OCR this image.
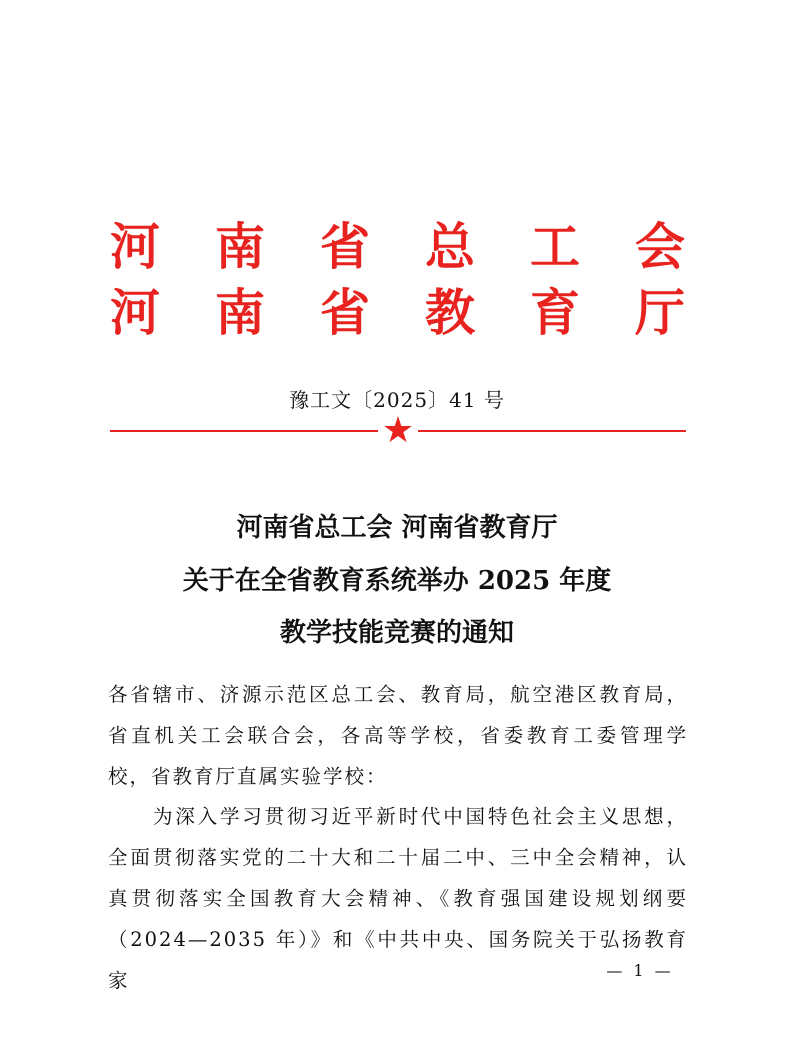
河 南 省 总 工 会
河 南 省 教 育 厅
豫工文〔2025〕41 号
★
河南省总工会 河南省教育厅
关于在全省教育系统举办 2025 年度
教学技能竞赛的通知
各省辖市、济源示范区总工会、教育局，航空港区教育局，省直机关工会联合会，各高等学校，省委教育工委管理学校，省教育厅直属实验学校：
为深入学习贯彻习近平新时代中国特色社会主义思想，全面贯彻落实党的二十大和二十届二中、三中全会精神，认真贯彻落实全国教育大会精神、《教育强国建设规划纲要（2024—2035 年）》和《中共中央、国务院关于弘扬教育家	— 1 —
